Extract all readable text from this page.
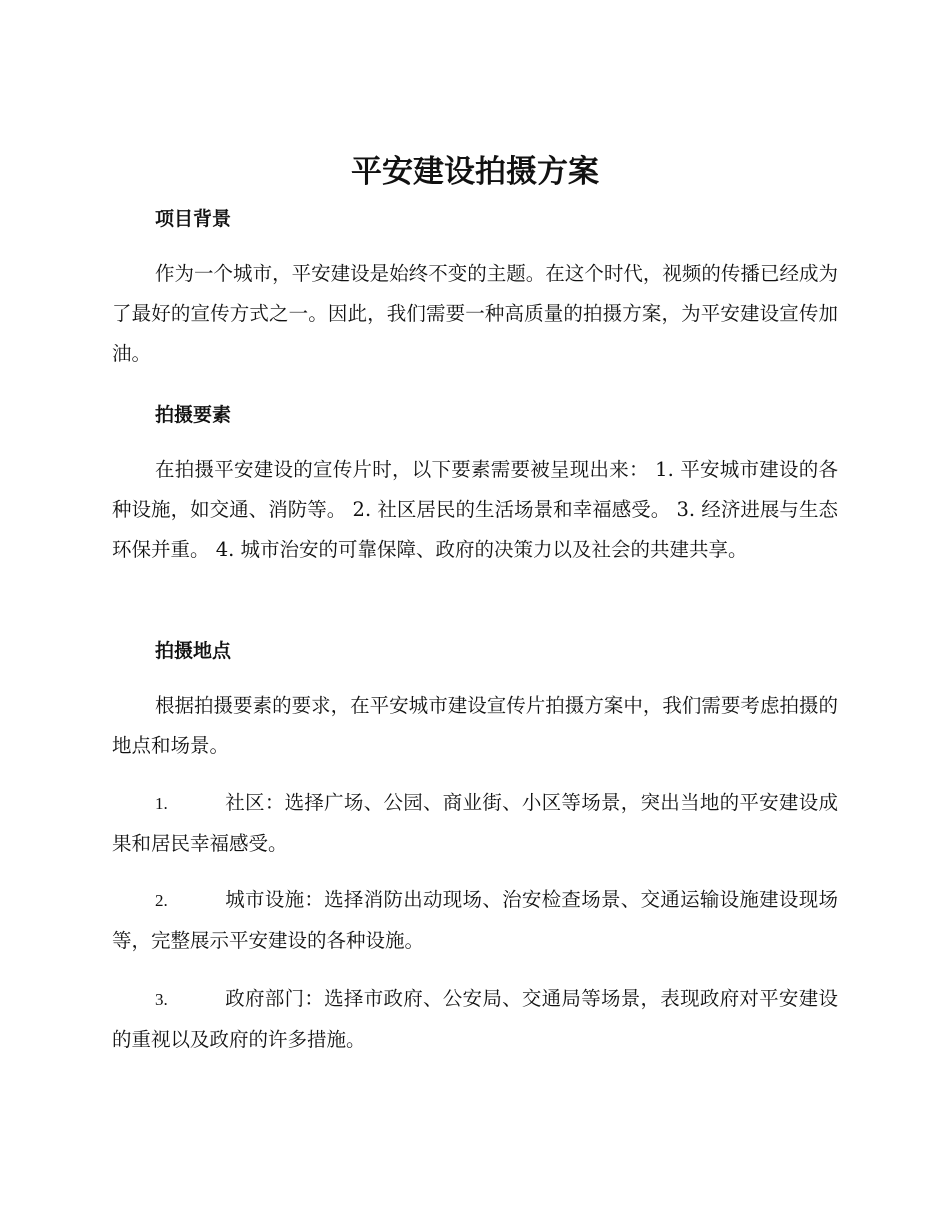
平安建设拍摄方案
项目背景

作为一个城市，平安建设是始终不变的主题。在这个时代，视频的传播已经成为了最好的宣传方式之一。因此，我们需要一种高质量的拍摄方案，为平安建设宣传加油。

拍摄要素

在拍摄平安建设的宣传片时，以下要素需要被呈现出来： 1. 平安城市建设的各种设施，如交通、消防等。 2. 社区居民的生活场景和幸福感受。 3. 经济进展与生态环保并重。 4. 城市治安的可靠保障、政府的决策力以及社会的共建共享。

拍摄地点

根据拍摄要素的要求，在平安城市建设宣传片拍摄方案中，我们需要考虑拍摄的地点和场景。

1.	社区：选择广场、公园、商业街、小区等场景，突出当地的平安建设成果和居民幸福感受。

2.	城市设施：选择消防出动现场、治安检查场景、交通运输设施建设现场等，完整展示平安建设的各种设施。

3.	政府部门：选择市政府、公安局、交通局等场景，表现政府对平安建设的重视以及政府的许多措施。
